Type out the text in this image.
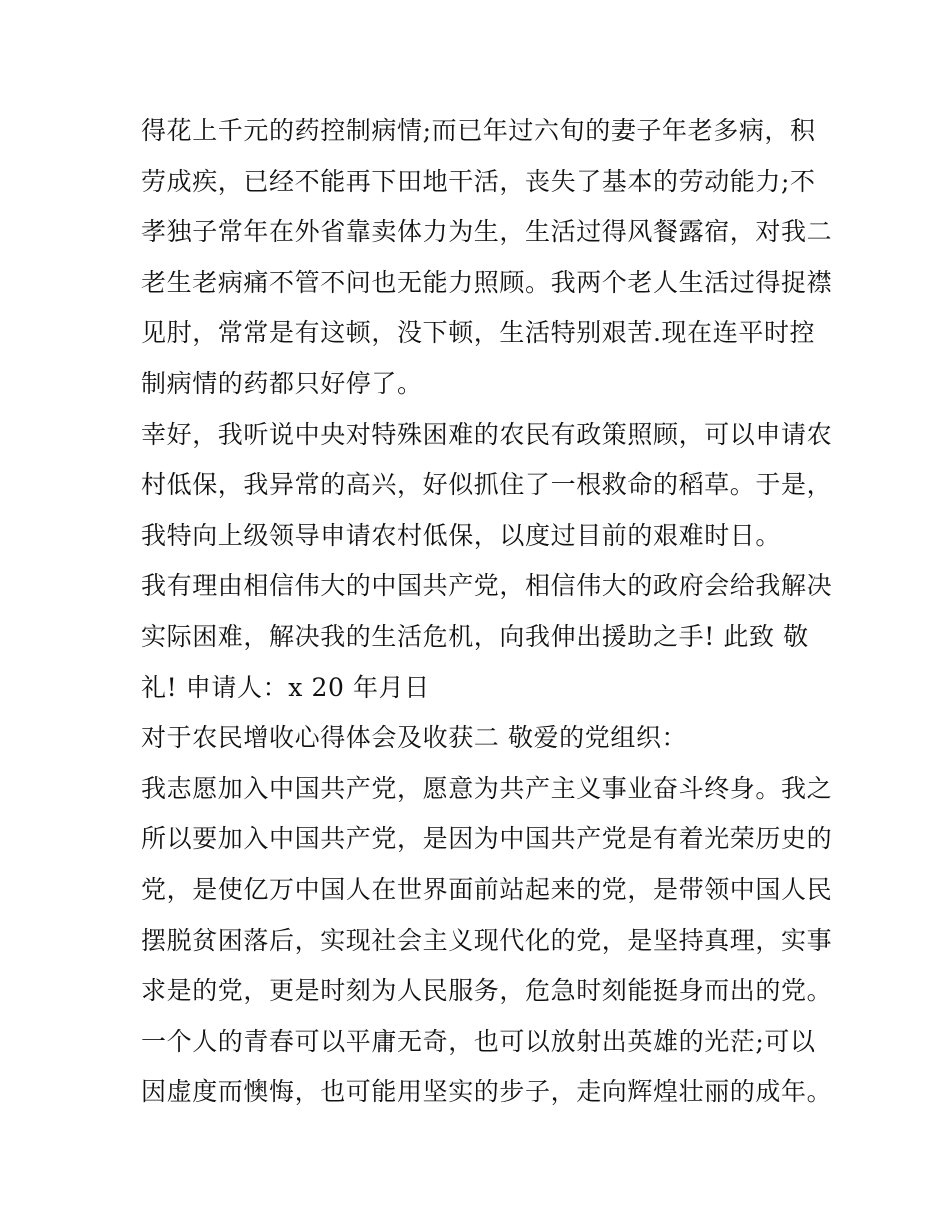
得花上千元的药控制病情;而已年过六旬的妻子年老多病，积
劳成疾，已经不能再下田地干活，丧失了基本的劳动能力;不
孝独子常年在外省靠卖体力为生，生活过得风餐露宿，对我二
老生老病痛不管不问也无能力照顾。我两个老人生活过得捉襟
见肘，常常是有这顿，没下顿，生活特别艰苦.现在连平时控
制病情的药都只好停了。
幸好，我听说中央对特殊困难的农民有政策照顾，可以申请农
村低保，我异常的高兴，好似抓住了一根救命的稻草。于是，
我特向上级领导申请农村低保，以度过目前的艰难时日。
我有理由相信伟大的中国共产党，相信伟大的政府会给我解决
实际困难，解决我的生活危机，向我伸出援助之手! 此致 敬
礼! 申请人：x 20 年月日
对于农民增收心得体会及收获二 敬爱的党组织：
我志愿加入中国共产党，愿意为共产主义事业奋斗终身。我之
所以要加入中国共产党，是因为中国共产党是有着光荣历史的
党，是使亿万中国人在世界面前站起来的党，是带领中国人民
摆脱贫困落后，实现社会主义现代化的党，是坚持真理，实事
求是的党，更是时刻为人民服务，危急时刻能挺身而出的党。
一个人的青春可以平庸无奇，也可以放射出英雄的光茫;可以
因虚度而懊悔，也可能用坚实的步子，走向辉煌壮丽的成年。
